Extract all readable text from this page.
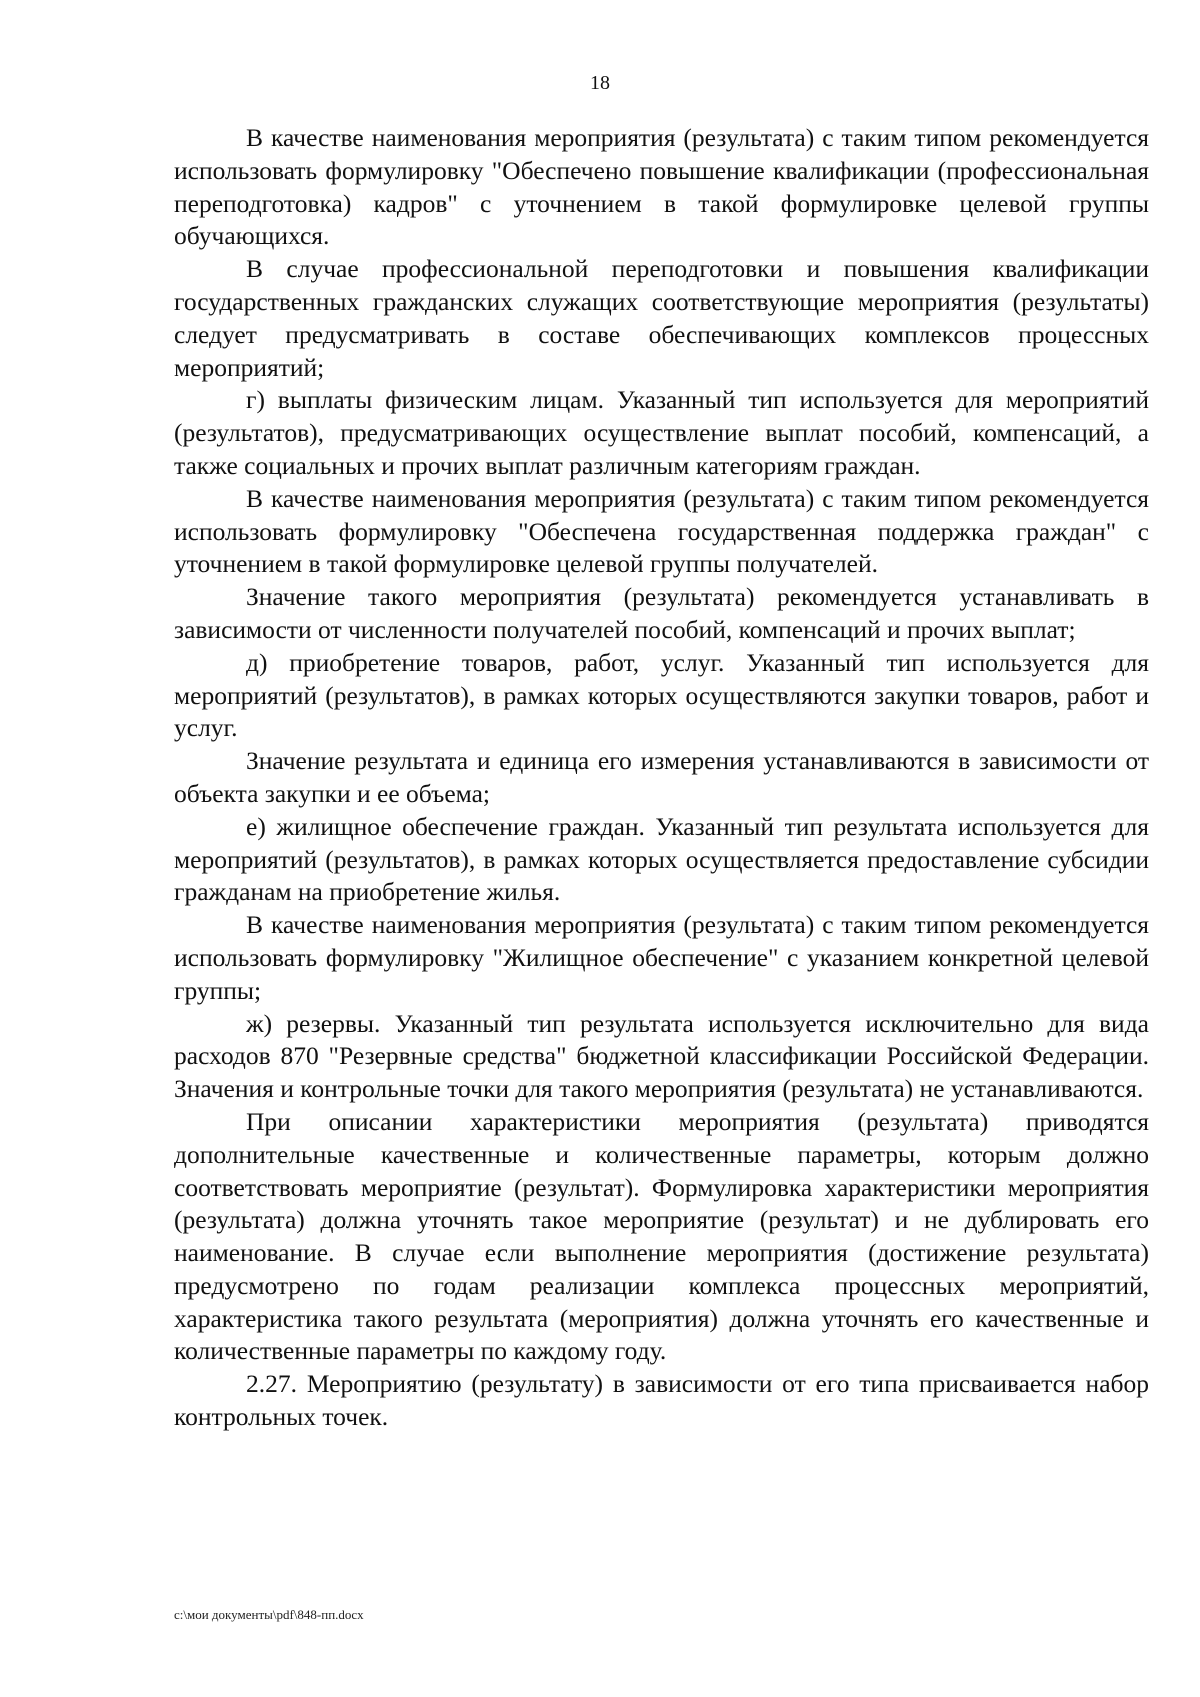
18

В качестве наименования мероприятия (результата) с таким типом рекомендуется использовать формулировку "Обеспечено повышение квалификации (профессиональная переподготовка) кадров" с уточнением в такой формулировке целевой группы обучающихся.

В случае профессиональной переподготовки и повышения квалификации государственных гражданских служащих соответствующие мероприятия (результаты) следует предусматривать в составе обеспечивающих комплексов процессных мероприятий;

г) выплаты физическим лицам. Указанный тип используется для мероприятий (результатов), предусматривающих осуществление выплат пособий, компенсаций, а также социальных и прочих выплат различным категориям граждан.

В качестве наименования мероприятия (результата) с таким типом рекомендуется использовать формулировку "Обеспечена государственная поддержка граждан" с уточнением в такой формулировке целевой группы получателей.

Значение такого мероприятия (результата) рекомендуется устанавливать в зависимости от численности получателей пособий, компенсаций и прочих выплат;

д) приобретение товаров, работ, услуг. Указанный тип используется для мероприятий (результатов), в рамках которых осуществляются закупки товаров, работ и услуг.

Значение результата и единица его измерения устанавливаются в зависимости от объекта закупки и ее объема;

е) жилищное обеспечение граждан. Указанный тип результата используется для мероприятий (результатов), в рамках которых осуществляется предоставление субсидии гражданам на приобретение жилья.

В качестве наименования мероприятия (результата) с таким типом рекомендуется использовать формулировку "Жилищное обеспечение" с указанием конкретной целевой группы;

ж) резервы. Указанный тип результата используется исключительно для вида расходов 870 "Резервные средства" бюджетной классификации Российской Федерации. Значения и контрольные точки для такого мероприятия (результата) не устанавливаются.

При описании характеристики мероприятия (результата) приводятся дополнительные качественные и количественные параметры, которым должно соответствовать мероприятие (результат). Формулировка характеристики мероприятия (результата) должна уточнять такое мероприятие (результат) и не дублировать его наименование. В случае если выполнение мероприятия (достижение результата) предусмотрено по годам реализации комплекса процессных мероприятий, характеристика такого результата (мероприятия) должна уточнять его качественные и количественные параметры по каждому году.

2.27. Мероприятию (результату) в зависимости от его типа присваивается набор контрольных точек.

c:\мои документы\pdf\848-пп.docx
